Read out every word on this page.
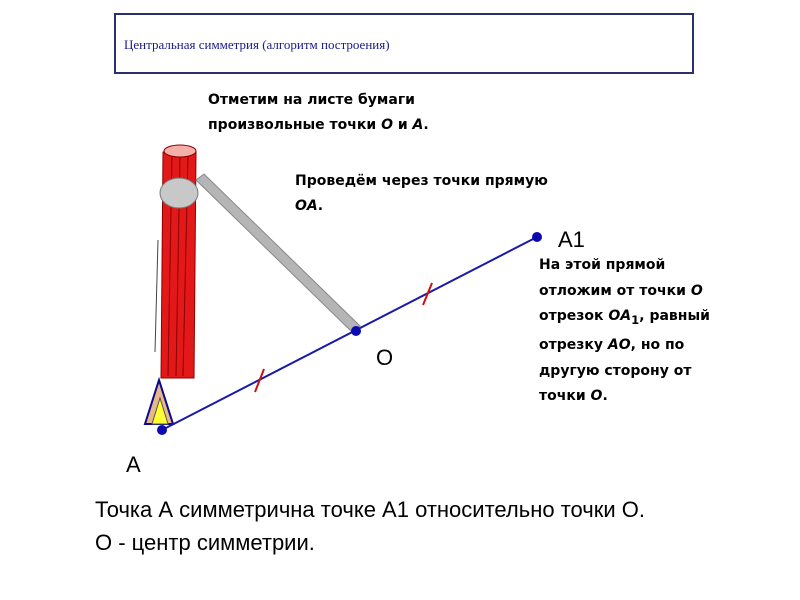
Центральная симметрия (алгоритм построения)
Отметим на листе бумаги
произвольные точки О и А.
Проведём через точки прямую
ОА.
На этой прямой
отложим от точки О
отрезок $ОА_1$, равный
отрезку АО, но по
другую сторону от
точки О.
A
O
A1
Точка А симметрична точке А1 относительно точки О.
О - центр симметрии.
